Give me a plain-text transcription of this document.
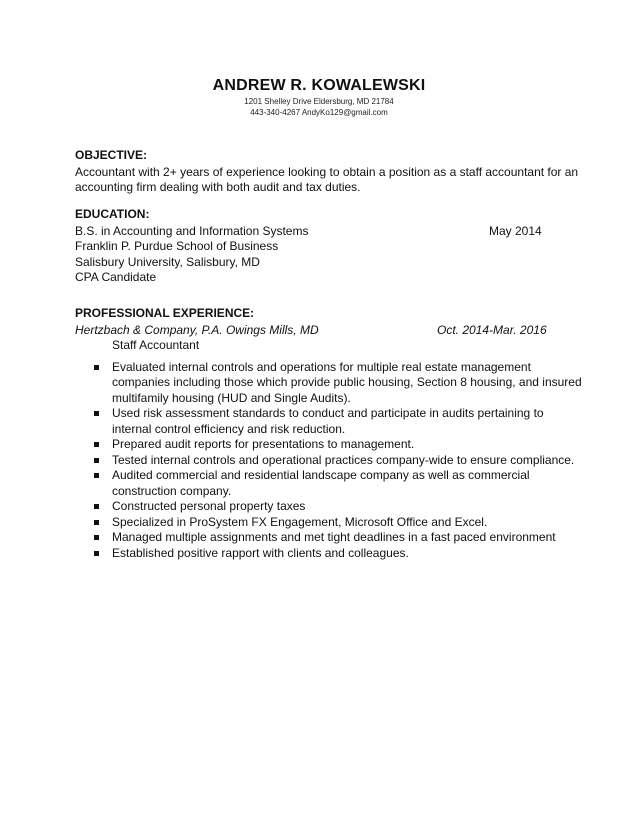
ANDREW R. KOWALEWSKI
1201 Shelley Drive Eldersburg, MD 21784
443-340-4267 AndyKo129@gmail.com
OBJECTIVE:
Accountant with 2+ years of experience looking to obtain a position as a staff accountant for an
accounting firm dealing with both audit and tax duties.
EDUCATION:
B.S. in Accounting and Information Systems	May 2014
Franklin P. Purdue School of Business
Salisbury University, Salisbury, MD
CPA Candidate
PROFESSIONAL EXPERIENCE:
Hertzbach & Company, P.A. Owings Mills, MD	Oct. 2014-Mar. 2016
Staff Accountant
Evaluated internal controls and operations for multiple real estate management
companies including those which provide public housing, Section 8 housing, and insured
multifamily housing (HUD and Single Audits).
Used risk assessment standards to conduct and participate in audits pertaining to
internal control efficiency and risk reduction.
Prepared audit reports for presentations to management.
Tested internal controls and operational practices company-wide to ensure compliance.
Audited commercial and residential landscape company as well as commercial
construction company.
Constructed personal property taxes
Specialized in ProSystem FX Engagement, Microsoft Office and Excel.
Managed multiple assignments and met tight deadlines in a fast paced environment
Established positive rapport with clients and colleagues.
